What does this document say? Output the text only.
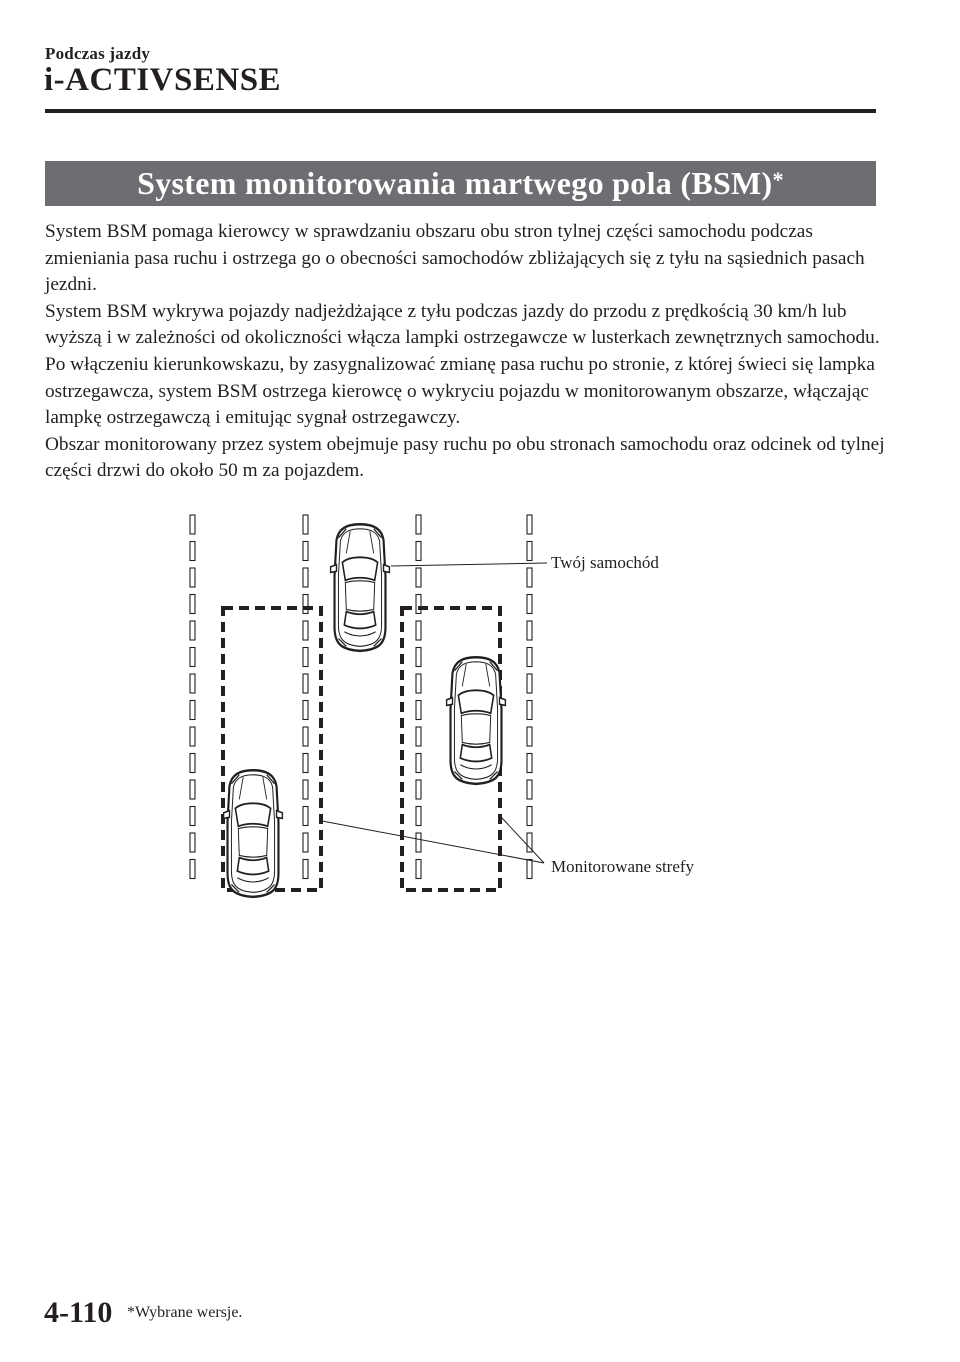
Podczas jazdy
i-ACTIVSENSE
System monitorowania martwego pola (BSM)*

System BSM pomaga kierowcy w sprawdzaniu obszaru obu stron tylnej części samochodu podczas zmieniania pasa ruchu i ostrzega go o obecności samochodów zbliżających się z tyłu na sąsiednich pasach jezdni.

System BSM wykrywa pojazdy nadjeżdżające z tyłu podczas jazdy do przodu z prędkością 30 km/h lub wyższą i w zależności od okoliczności włącza lampki ostrzegawcze w lusterkach zewnętrznych samochodu. Po włączeniu kierunkowskazu, by zasygnalizować zmianę pasa ruchu po stronie, z której świeci się lampka ostrzegawcza, system BSM ostrzega kierowcę o wykryciu pojazdu w monitorowanym obszarze, włączając lampkę ostrzegawczą i emitując sygnał ostrzegawczy.

Obszar monitorowany przez system obejmuje pasy ruchu po obu stronach samochodu oraz odcinek od tylnej części drzwi do około 50 m za pojazdem.

Twój samochód
Monitorowane strefy
4-110 *Wybrane wersje.
